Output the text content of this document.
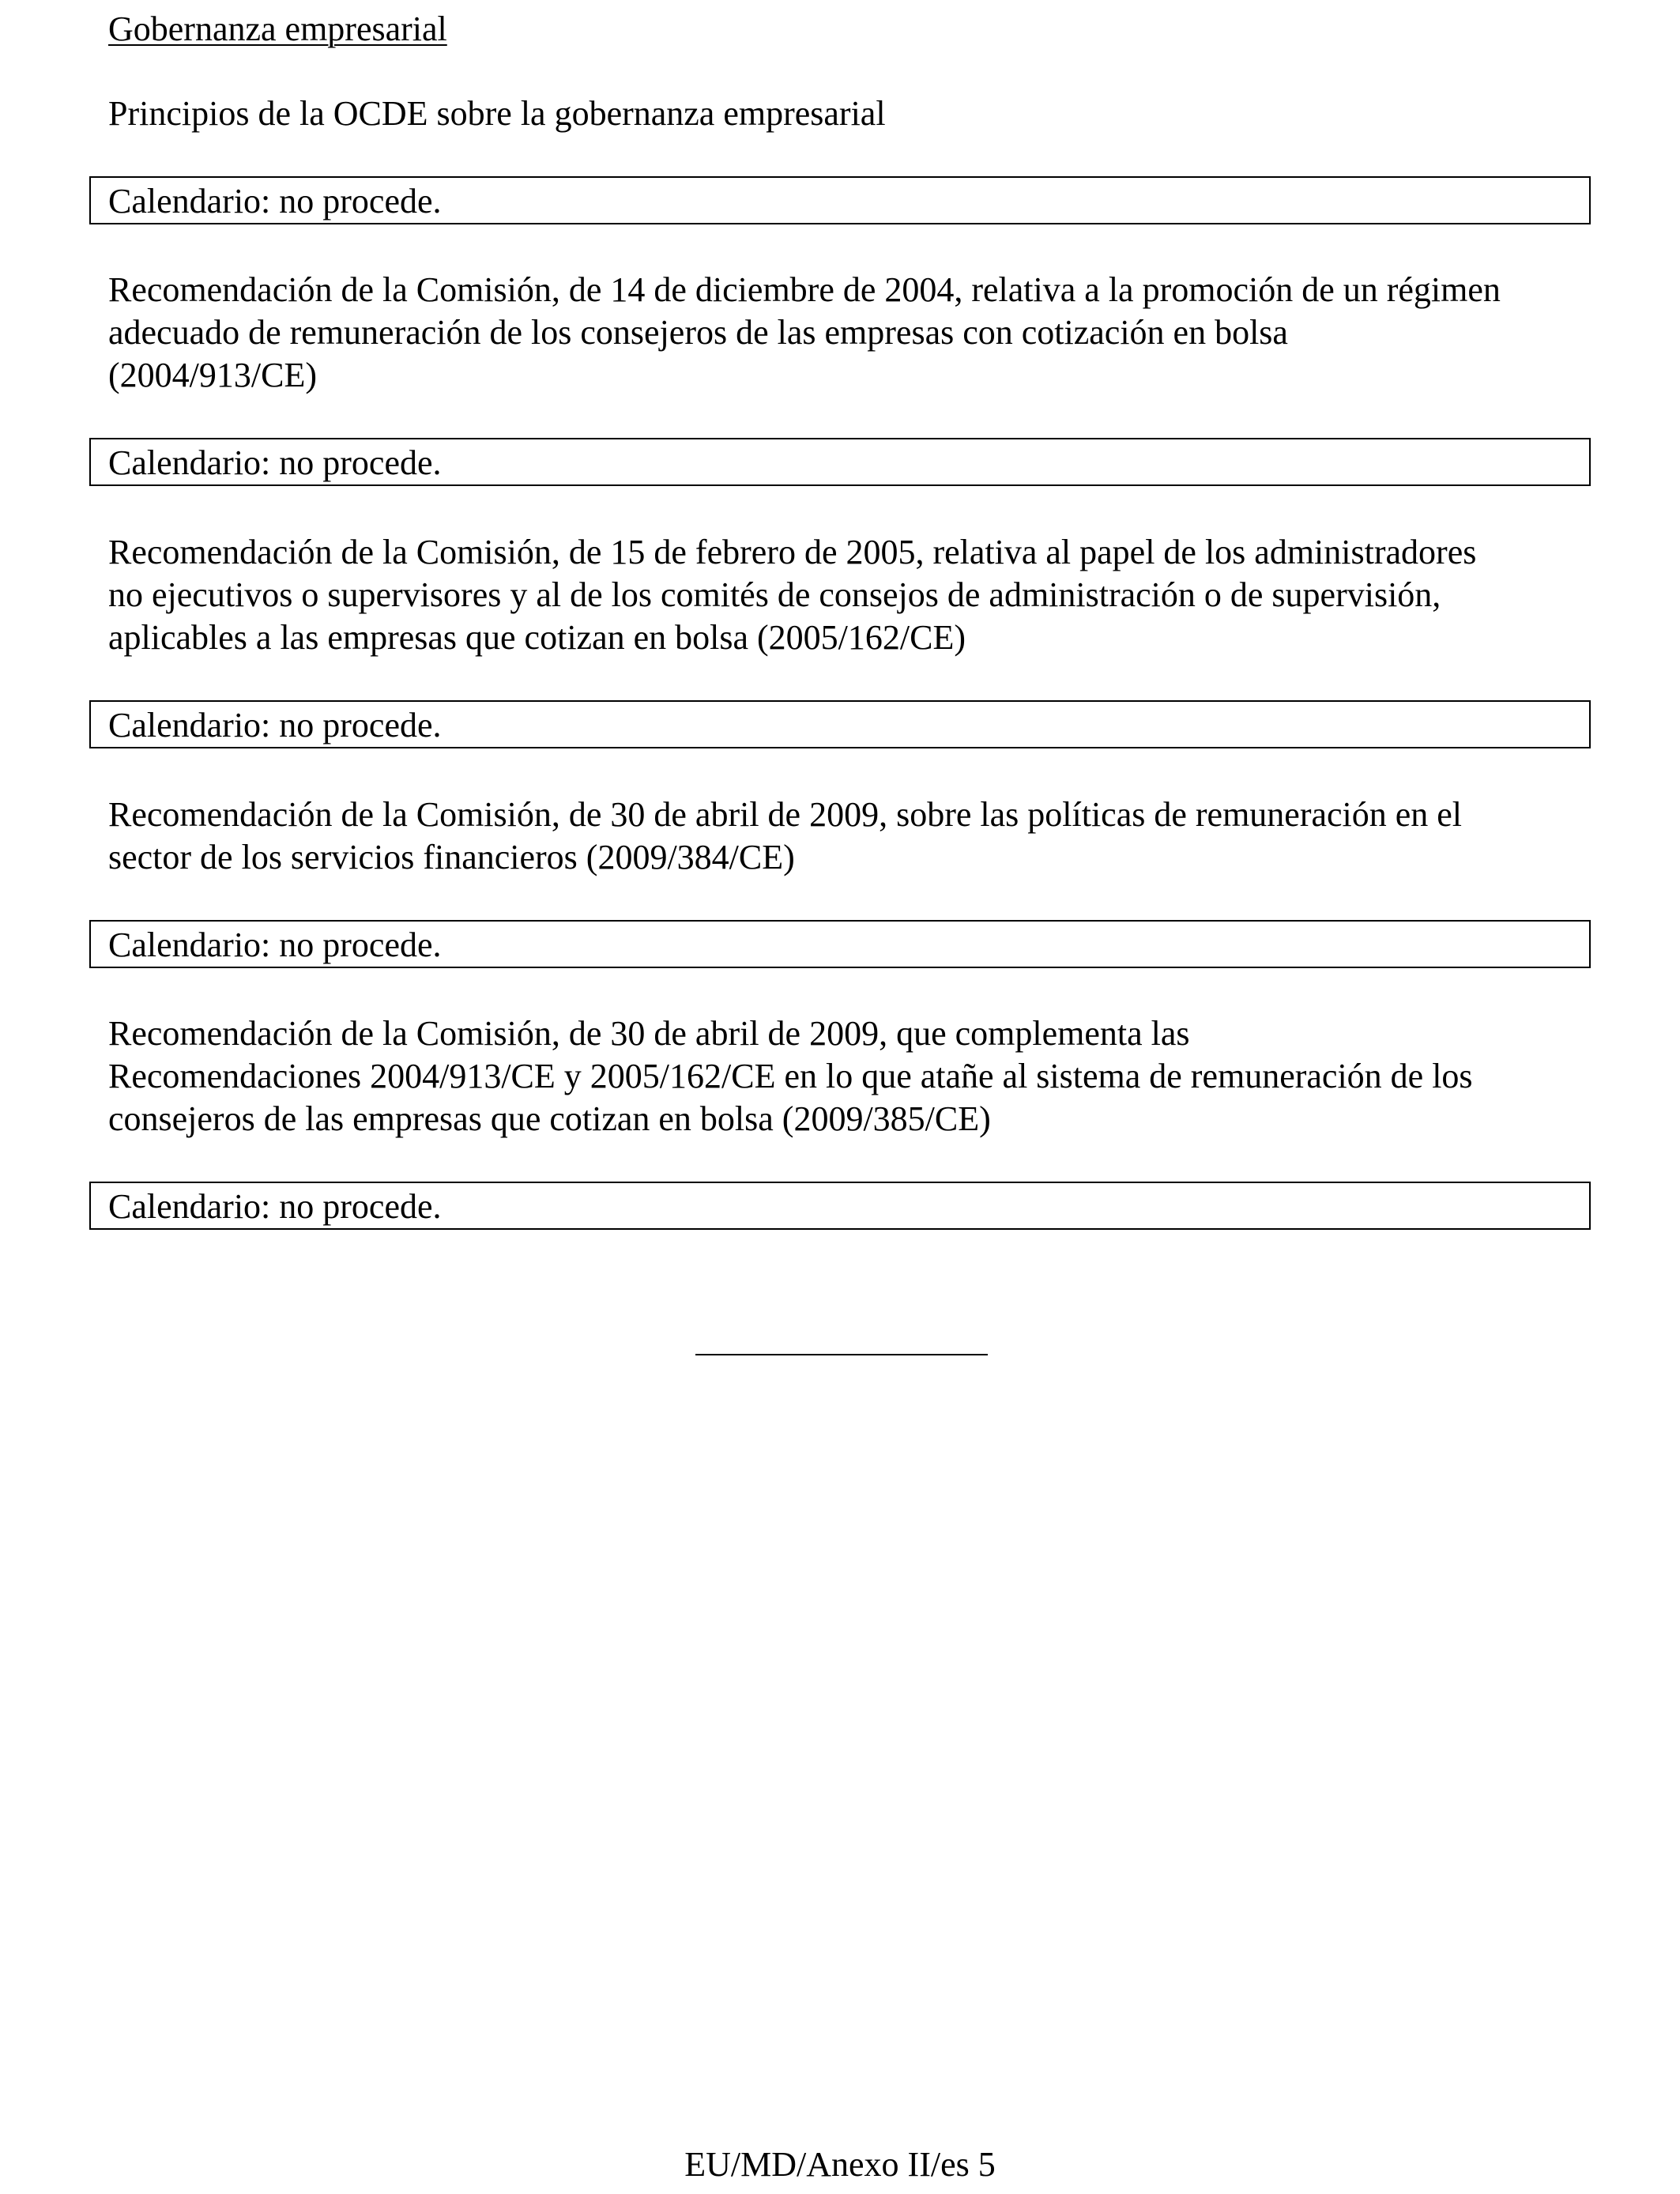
Gobernanza empresarial
Principios de la OCDE sobre la gobernanza empresarial
Calendario: no procede.
Recomendación de la Comisión, de 14 de diciembre de 2004, relativa a la promoción de un régimen
adecuado de remuneración de los consejeros de las empresas con cotización en bolsa
(2004/913/CE)
Calendario: no procede.
Recomendación de la Comisión, de 15 de febrero de 2005, relativa al papel de los administradores
no ejecutivos o supervisores y al de los comités de consejos de administración o de supervisión,
aplicables a las empresas que cotizan en bolsa (2005/162/CE)
Calendario: no procede.
Recomendación de la Comisión, de 30 de abril de 2009, sobre las políticas de remuneración en el
sector de los servicios financieros (2009/384/CE)
Calendario: no procede.
Recomendación de la Comisión, de 30 de abril de 2009, que complementa las
Recomendaciones 2004/913/CE y 2005/162/CE en lo que atañe al sistema de remuneración de los
consejeros de las empresas que cotizan en bolsa (2009/385/CE)
Calendario: no procede.
EU/MD/Anexo II/es 5
